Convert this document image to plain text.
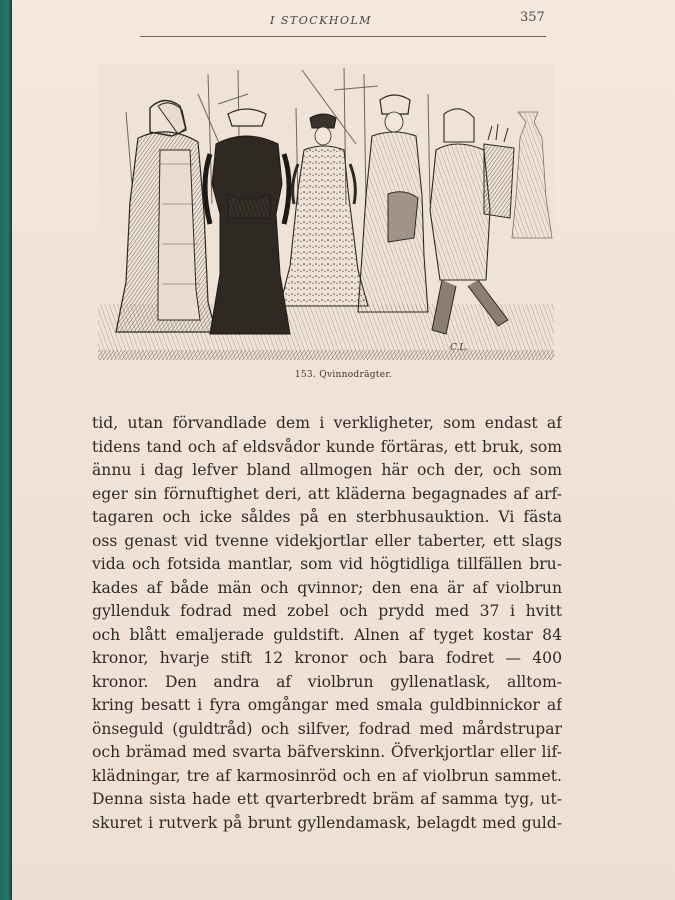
I STOCKHOLM	357
C.L.
153. Qvinnodrägter.
tid, utan förvandlade dem i verkligheter, som endast af
tidens tand och af eldsvådor kunde förtäras, ett bruk, som
ännu i dag lefver bland allmogen här och der, och som
eger sin förnuftighet deri, att kläderna begagnades af arf-
tagaren och icke såldes på en sterbhusauktion. Vi fästa
oss genast vid tvenne videkjortlar eller taberter, ett slags
vida och fotsida mantlar, som vid högtidliga tillfällen bru-
kades af både män och qvinnor; den ena är af violbrun
gyllenduk fodrad med zobel och prydd med 37 i hvitt
och blått emaljerade guldstift. Alnen af tyget kostar 84
kronor, hvarje stift 12 kronor och bara fodret — 400
kronor. Den andra af violbrun gyllenatlask, alltom-
kring besatt i fyra omgångar med smala guldbinnickor af
önseguld (guldtråd) och silfver, fodrad med mårdstrupar
och brämad med svarta bäfverskinn. Öfverkjortlar eller lif-
klädningar, tre af karmosinröd och en af violbrun sammet.
Denna sista hade ett qvarterbredt bräm af samma tyg, ut-
skuret i rutverk på brunt gyllendamask, belagdt med guld-
